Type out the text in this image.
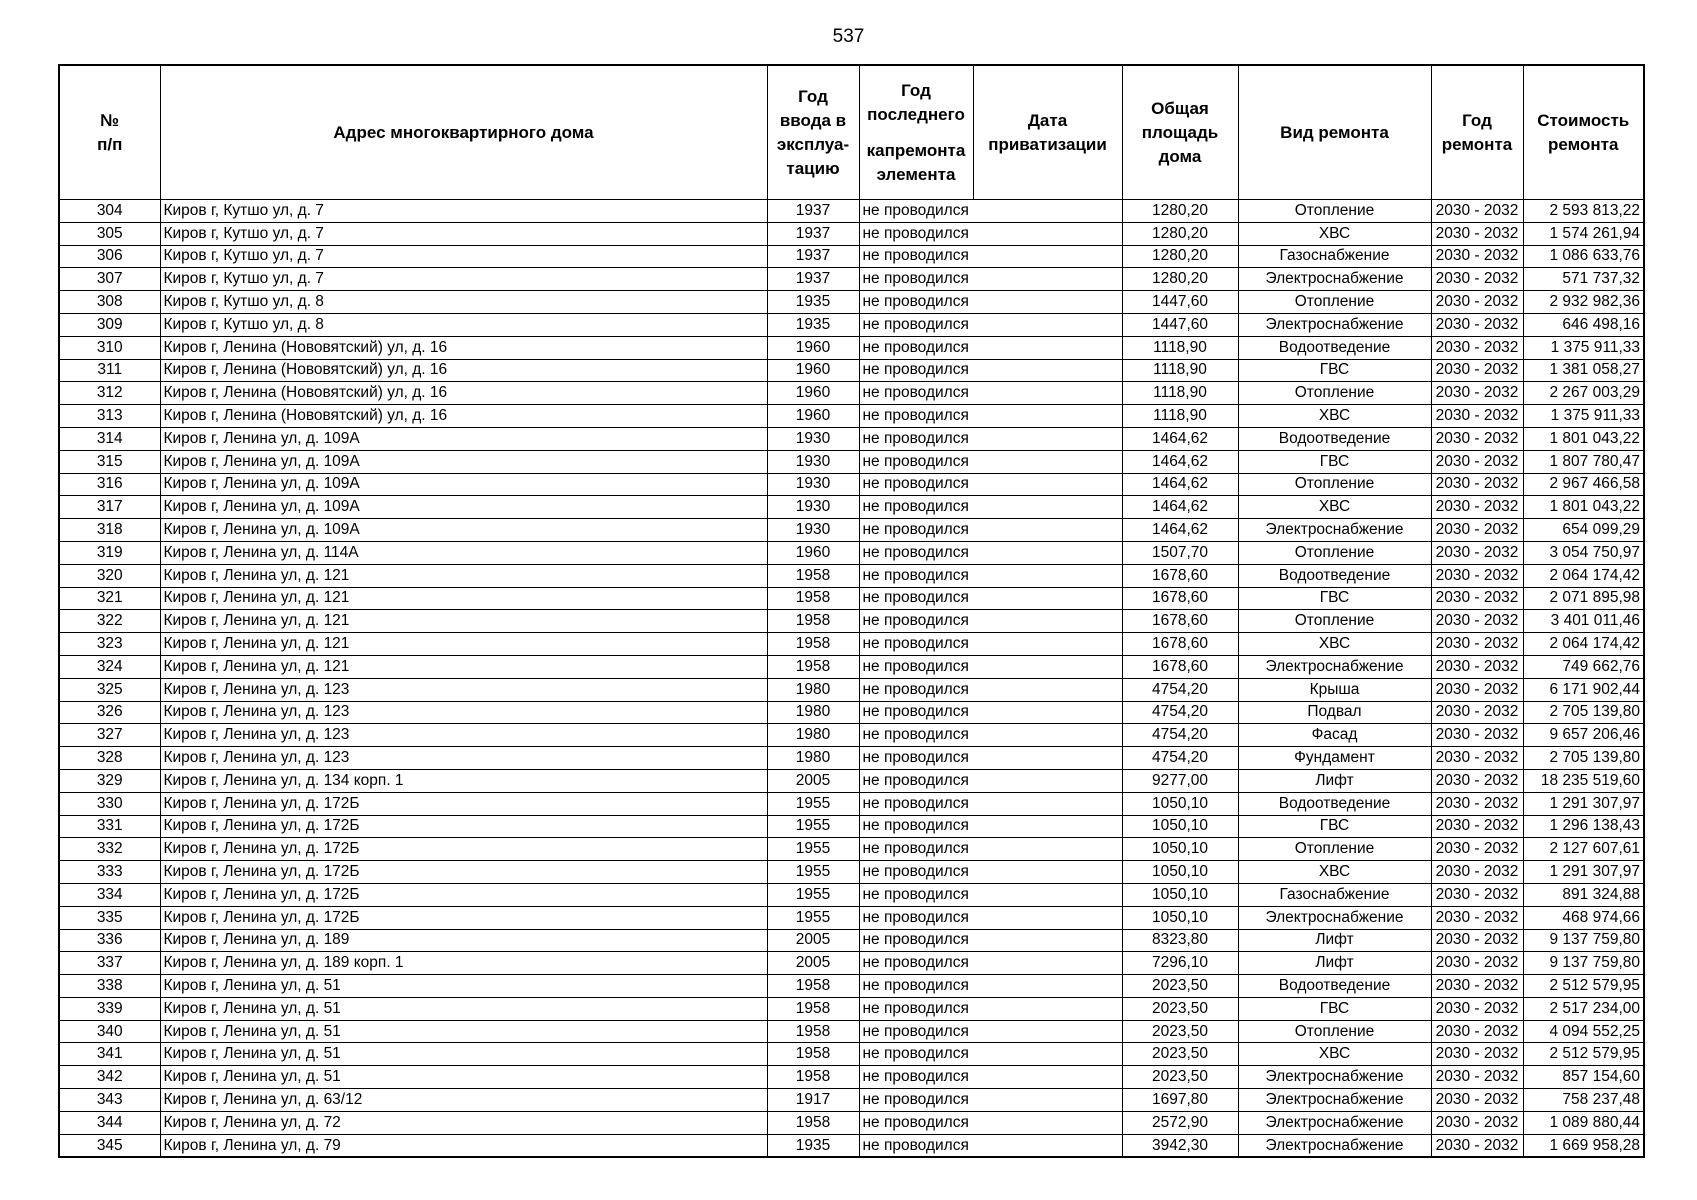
537
№
п/п	Адрес многоквартирного дома	Год
ввода в
эксплуа-
тацию	Год
последнего
капремонта
элемента	Дата
приватизации	Общая
площадь
дома	Вид ремонта	Год
ремонта	Стоимость
ремонта

304	Киров г, Кутшо ул, д. 7	1937	не проводился		1280,20	Отопление	2030 - 2032	2 593 813,22
305	Киров г, Кутшо ул, д. 7	1937	не проводился		1280,20	ХВС	2030 - 2032	1 574 261,94
306	Киров г, Кутшо ул, д. 7	1937	не проводился		1280,20	Газоснабжение	2030 - 2032	1 086 633,76
307	Киров г, Кутшо ул, д. 7	1937	не проводился		1280,20	Электроснабжение	2030 - 2032	571 737,32
308	Киров г, Кутшо ул, д. 8	1935	не проводился		1447,60	Отопление	2030 - 2032	2 932 982,36
309	Киров г, Кутшо ул, д. 8	1935	не проводился		1447,60	Электроснабжение	2030 - 2032	646 498,16
310	Киров г, Ленина (Нововятский) ул, д. 16	1960	не проводился		1118,90	Водоотведение	2030 - 2032	1 375 911,33
311	Киров г, Ленина (Нововятский) ул, д. 16	1960	не проводился		1118,90	ГВС	2030 - 2032	1 381 058,27
312	Киров г, Ленина (Нововятский) ул, д. 16	1960	не проводился		1118,90	Отопление	2030 - 2032	2 267 003,29
313	Киров г, Ленина (Нововятский) ул, д. 16	1960	не проводился		1118,90	ХВС	2030 - 2032	1 375 911,33
314	Киров г, Ленина ул, д. 109А	1930	не проводился		1464,62	Водоотведение	2030 - 2032	1 801 043,22
315	Киров г, Ленина ул, д. 109А	1930	не проводился		1464,62	ГВС	2030 - 2032	1 807 780,47
316	Киров г, Ленина ул, д. 109А	1930	не проводился		1464,62	Отопление	2030 - 2032	2 967 466,58
317	Киров г, Ленина ул, д. 109А	1930	не проводился		1464,62	ХВС	2030 - 2032	1 801 043,22
318	Киров г, Ленина ул, д. 109А	1930	не проводился		1464,62	Электроснабжение	2030 - 2032	654 099,29
319	Киров г, Ленина ул, д. 114А	1960	не проводился		1507,70	Отопление	2030 - 2032	3 054 750,97
320	Киров г, Ленина ул, д. 121	1958	не проводился		1678,60	Водоотведение	2030 - 2032	2 064 174,42
321	Киров г, Ленина ул, д. 121	1958	не проводился		1678,60	ГВС	2030 - 2032	2 071 895,98
322	Киров г, Ленина ул, д. 121	1958	не проводился		1678,60	Отопление	2030 - 2032	3 401 011,46
323	Киров г, Ленина ул, д. 121	1958	не проводился		1678,60	ХВС	2030 - 2032	2 064 174,42
324	Киров г, Ленина ул, д. 121	1958	не проводился		1678,60	Электроснабжение	2030 - 2032	749 662,76
325	Киров г, Ленина ул, д. 123	1980	не проводился		4754,20	Крыша	2030 - 2032	6 171 902,44
326	Киров г, Ленина ул, д. 123	1980	не проводился		4754,20	Подвал	2030 - 2032	2 705 139,80
327	Киров г, Ленина ул, д. 123	1980	не проводился		4754,20	Фасад	2030 - 2032	9 657 206,46
328	Киров г, Ленина ул, д. 123	1980	не проводился		4754,20	Фундамент	2030 - 2032	2 705 139,80
329	Киров г, Ленина ул, д. 134 корп. 1	2005	не проводился		9277,00	Лифт	2030 - 2032	18 235 519,60
330	Киров г, Ленина ул, д. 172Б	1955	не проводился		1050,10	Водоотведение	2030 - 2032	1 291 307,97
331	Киров г, Ленина ул, д. 172Б	1955	не проводился		1050,10	ГВС	2030 - 2032	1 296 138,43
332	Киров г, Ленина ул, д. 172Б	1955	не проводился		1050,10	Отопление	2030 - 2032	2 127 607,61
333	Киров г, Ленина ул, д. 172Б	1955	не проводился		1050,10	ХВС	2030 - 2032	1 291 307,97
334	Киров г, Ленина ул, д. 172Б	1955	не проводился		1050,10	Газоснабжение	2030 - 2032	891 324,88
335	Киров г, Ленина ул, д. 172Б	1955	не проводился		1050,10	Электроснабжение	2030 - 2032	468 974,66
336	Киров г, Ленина ул, д. 189	2005	не проводился		8323,80	Лифт	2030 - 2032	9 137 759,80
337	Киров г, Ленина ул, д. 189 корп. 1	2005	не проводился		7296,10	Лифт	2030 - 2032	9 137 759,80
338	Киров г, Ленина ул, д. 51	1958	не проводился		2023,50	Водоотведение	2030 - 2032	2 512 579,95
339	Киров г, Ленина ул, д. 51	1958	не проводился		2023,50	ГВС	2030 - 2032	2 517 234,00
340	Киров г, Ленина ул, д. 51	1958	не проводился		2023,50	Отопление	2030 - 2032	4 094 552,25
341	Киров г, Ленина ул, д. 51	1958	не проводился		2023,50	ХВС	2030 - 2032	2 512 579,95
342	Киров г, Ленина ул, д. 51	1958	не проводился		2023,50	Электроснабжение	2030 - 2032	857 154,60
343	Киров г, Ленина ул, д. 63/12	1917	не проводился		1697,80	Электроснабжение	2030 - 2032	758 237,48
344	Киров г, Ленина ул, д. 72	1958	не проводился		2572,90	Электроснабжение	2030 - 2032	1 089 880,44
345	Киров г, Ленина ул, д. 79	1935	не проводился		3942,30	Электроснабжение	2030 - 2032	1 669 958,28
